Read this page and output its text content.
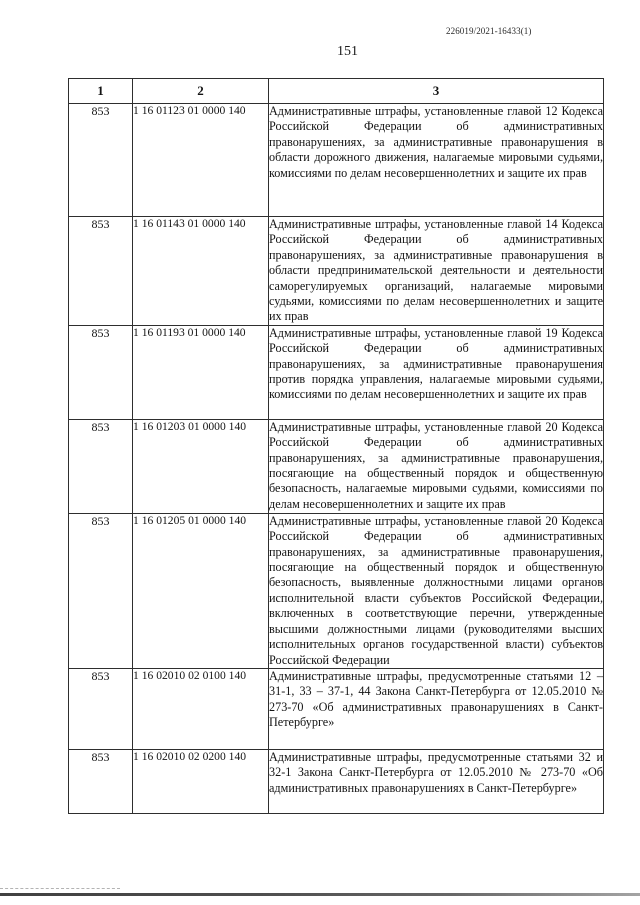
226019/2021-16433(1)
151
1	2	3
853	1 16 01123 01 0000 140	Административные штрафы, установленные главой 12 Кодекса Российской Федерации об административных правонарушениях, за административные правонарушения в области дорожного движения, налагаемые мировыми судьями, комиссиями по делам несовершеннолетних и защите их прав
853	1 16 01143 01 0000 140	Административные штрафы, установленные главой 14 Кодекса Российской Федерации об административных правонарушениях, за административные правонарушения в области предпринимательской деятельности и деятельности саморегулируемых организаций, налагаемые мировыми судьями, комиссиями по делам несовершеннолетних и защите их прав
853	1 16 01193 01 0000 140	Административные штрафы, установленные главой 19 Кодекса Российской Федерации об административных правонарушениях, за административные правонарушения против порядка управления, налагаемые мировыми судьями, комиссиями по делам несовершеннолетних и защите их прав
853	1 16 01203 01 0000 140	Административные штрафы, установленные главой 20 Кодекса Российской Федерации об административных правонарушениях, за административные правонарушения, посягающие на общественный порядок и общественную безопасность, налагаемые мировыми судьями, комиссиями по делам несовершеннолетних и защите их прав
853	1 16 01205 01 0000 140	Административные штрафы, установленные главой 20 Кодекса Российской Федерации об административных правонарушениях, за административные правонарушения, посягающие на общественный порядок и общественную безопасность, выявленные должностными лицами органов исполнительной власти субъектов Российской Федерации, включенных в соответствующие перечни, утвержденные высшими должностными лицами (руководителями высших исполнительных органов государственной власти) субъектов Российской Федерации
853	1 16 02010 02 0100 140	Административные штрафы, предусмотренные статьями 12 – 31-1, 33 – 37-1, 44 Закона Санкт-Петербурга от 12.05.2010 № 273-70 «Об административных правонарушениях в Санкт-Петербурге»
853	1 16 02010 02 0200 140	Административные штрафы, предусмотренные статьями 32 и 32-1 Закона Санкт-Петербурга от 12.05.2010 № 273-70 «Об административных правонарушениях в Санкт-Петербурге»
